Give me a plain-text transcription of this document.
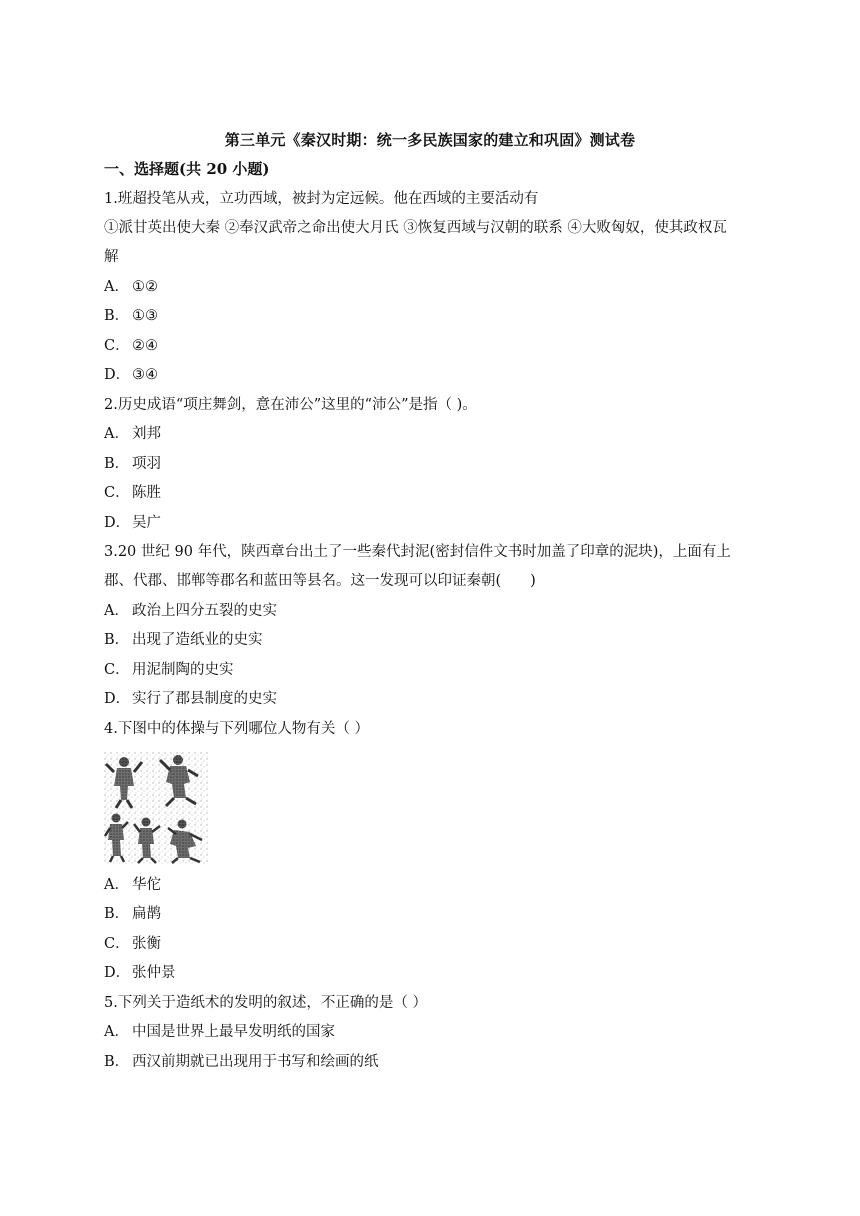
第三单元《秦汉时期：统一多民族国家的建立和巩固》测试卷
一、选择题(共 20 小题)
1.班超投笔从戎，立功西域，被封为定远候。他在西域的主要活动有
①派甘英出使大秦 ②奉汉武帝之命出使大月氏 ③恢复西域与汉朝的联系 ④大败匈奴，使其政权瓦
解
A． ①②
B． ①③
C． ②④
D． ③④
2.历史成语“项庄舞剑，意在沛公”这里的“沛公”是指（ )。
A． 刘邦
B． 项羽
C． 陈胜
D． 吴广
3.20 世纪 90 年代，陕西章台出土了一些秦代封泥(密封信件文书时加盖了印章的泥块)，上面有上
郡、代郡、邯郸等郡名和蓝田等县名。这一发现可以印证秦朝(　　)
A． 政治上四分五裂的史实
B． 出现了造纸业的史实
C． 用泥制陶的史实
D． 实行了郡县制度的史实
4.下图中的体操与下列哪位人物有关（ ）
A． 华佗
B． 扁鹊
C． 张衡
D． 张仲景
5.下列关于造纸术的发明的叙述，不正确的是（ ）
A． 中国是世界上最早发明纸的国家
B． 西汉前期就已出现用于书写和绘画的纸
